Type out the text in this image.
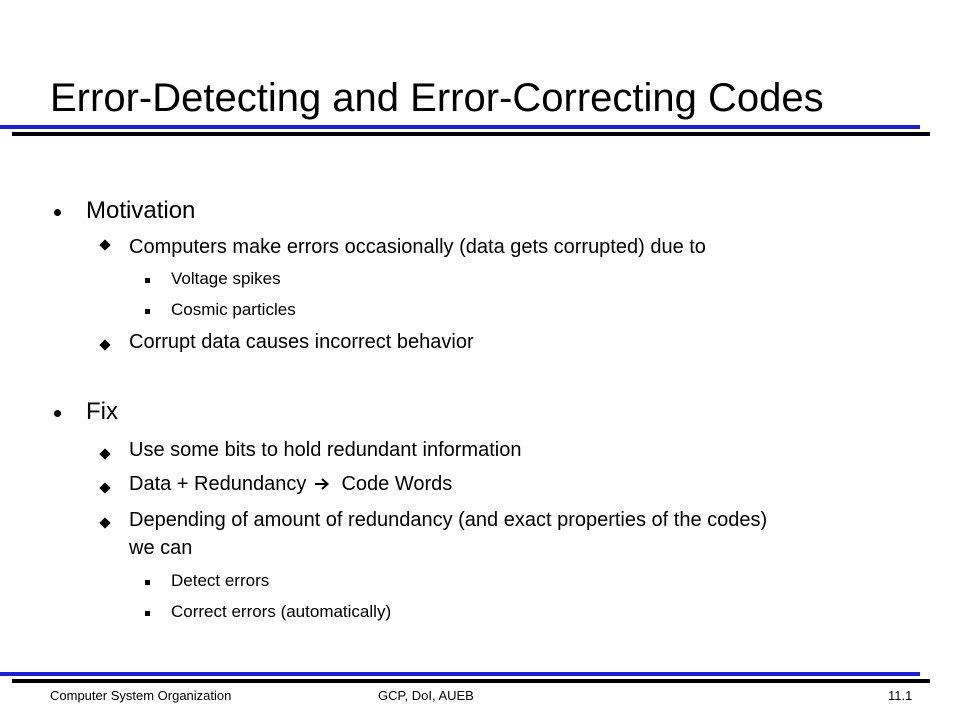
Error-Detecting and Error-Correcting Codes
Motivation
Computers make errors occasionally (data gets corrupted) due to
Voltage spikes
Cosmic particles
Corrupt data causes incorrect behavior
Fix
Use some bits to hold redundant information
Data + Redundancy Code Words
Depending of amount of redundancy (and exact properties of the codes)
we can
Detect errors
Correct errors (automatically)
Computer System Organization	GCP, DoI, AUEB	11.1
